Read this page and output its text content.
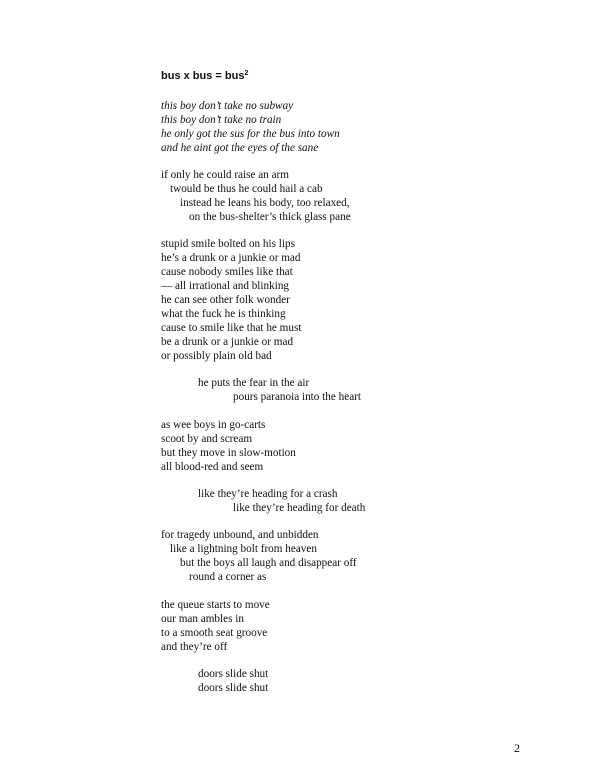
bus x bus = bus$^2$
this boy don’t take no subway
this boy don’t take no train
he only got the sus for the bus into town
and he aint got the eyes of the sane
if only he could raise an arm
twould be thus he could hail a cab
instead he leans his body, too relaxed,
on the bus-shelter’s thick glass pane
stupid smile bolted on his lips
he’s a drunk or a junkie or mad
cause nobody smiles like that
— all irrational and blinking
he can see other folk wonder
what the fuck he is thinking
cause to smile like that he must
be a drunk or a junkie or mad
or possibly plain old bad
he puts the fear in the air
pours paranoia into the heart
as wee boys in go-carts
scoot by and scream
but they move in slow-motion
all blood-red and seem
like they’re heading for a crash
like they’re heading for death
for tragedy unbound, and unbidden
like a lightning bolt from heaven
but the boys all laugh and disappear off
round a corner as
the queue starts to move
our man ambles in
to a smooth seat groove
and they’re off
doors slide shut
doors slide shut
2
